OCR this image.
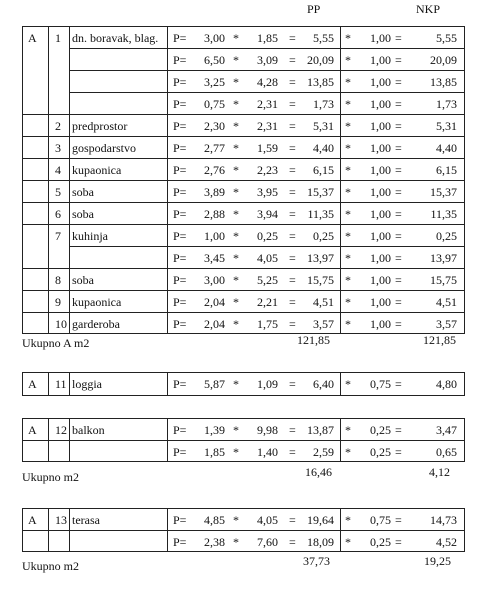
PP	NKP
A 1 dn. boravak, blag. P=	3,00 *	1,85 =	5,55 *	1,00 =	5,55
P=	6,50 *	3,09 = 20,09 *	1,00 =	20,09
P=	3,25 *	4,28 = 13,85 *	1,00 =	13,85
P=	0,75 *	2,31 =	1,73 *	1,00 =	1,73
2 predprostor	P=	2,30 *	2,31 =	5,31 *	1,00 =	5,31
3 gospodarstvo	P=	2,77 *	1,59 =	4,40 *	1,00 =	4,40
4 kupaonica	P=	2,76 *	2,23 =	6,15 *	1,00 =	6,15
5 soba	P=	3,89 *	3,95 = 15,37 *	1,00 =	15,37
6 soba	P=	2,88 *	3,94 = 11,35 *	1,00 =	11,35
7 kuhinja	P=	1,00 *	0,25 =	0,25 *	1,00 =	0,25
P=	3,45 *	4,05 = 13,97 *	1,00 =	13,97
8 soba	P=	3,00 *	5,25 = 15,75 *	1,00 =	15,75
9 kupaonica	P=	2,04 *	2,21 =	4,51 *	1,00 =	4,51
10 garderoba	P=	2,04 *	1,75 =	3,57 *	1,00 =	3,57
Ukupno A m2	121,85	121,85
A 11 loggia	P=	5,87 *	1,09 =	6,40 *	0,75 =	4,80
A 12 balkon	P=	1,39 *	9,98 = 13,87 *	0,25 =	3,47
P=	1,85 *	1,40 =	2,59 *	0,25 =	0,65
Ukupno m2	16,46	4,12
A 13 terasa	P=	4,85 *	4,05 = 19,64 *	0,75 =	14,73
P=	2,38 *	7,60 = 18,09 *	0,25 =	4,52
Ukupno m2	37,73	19,25
